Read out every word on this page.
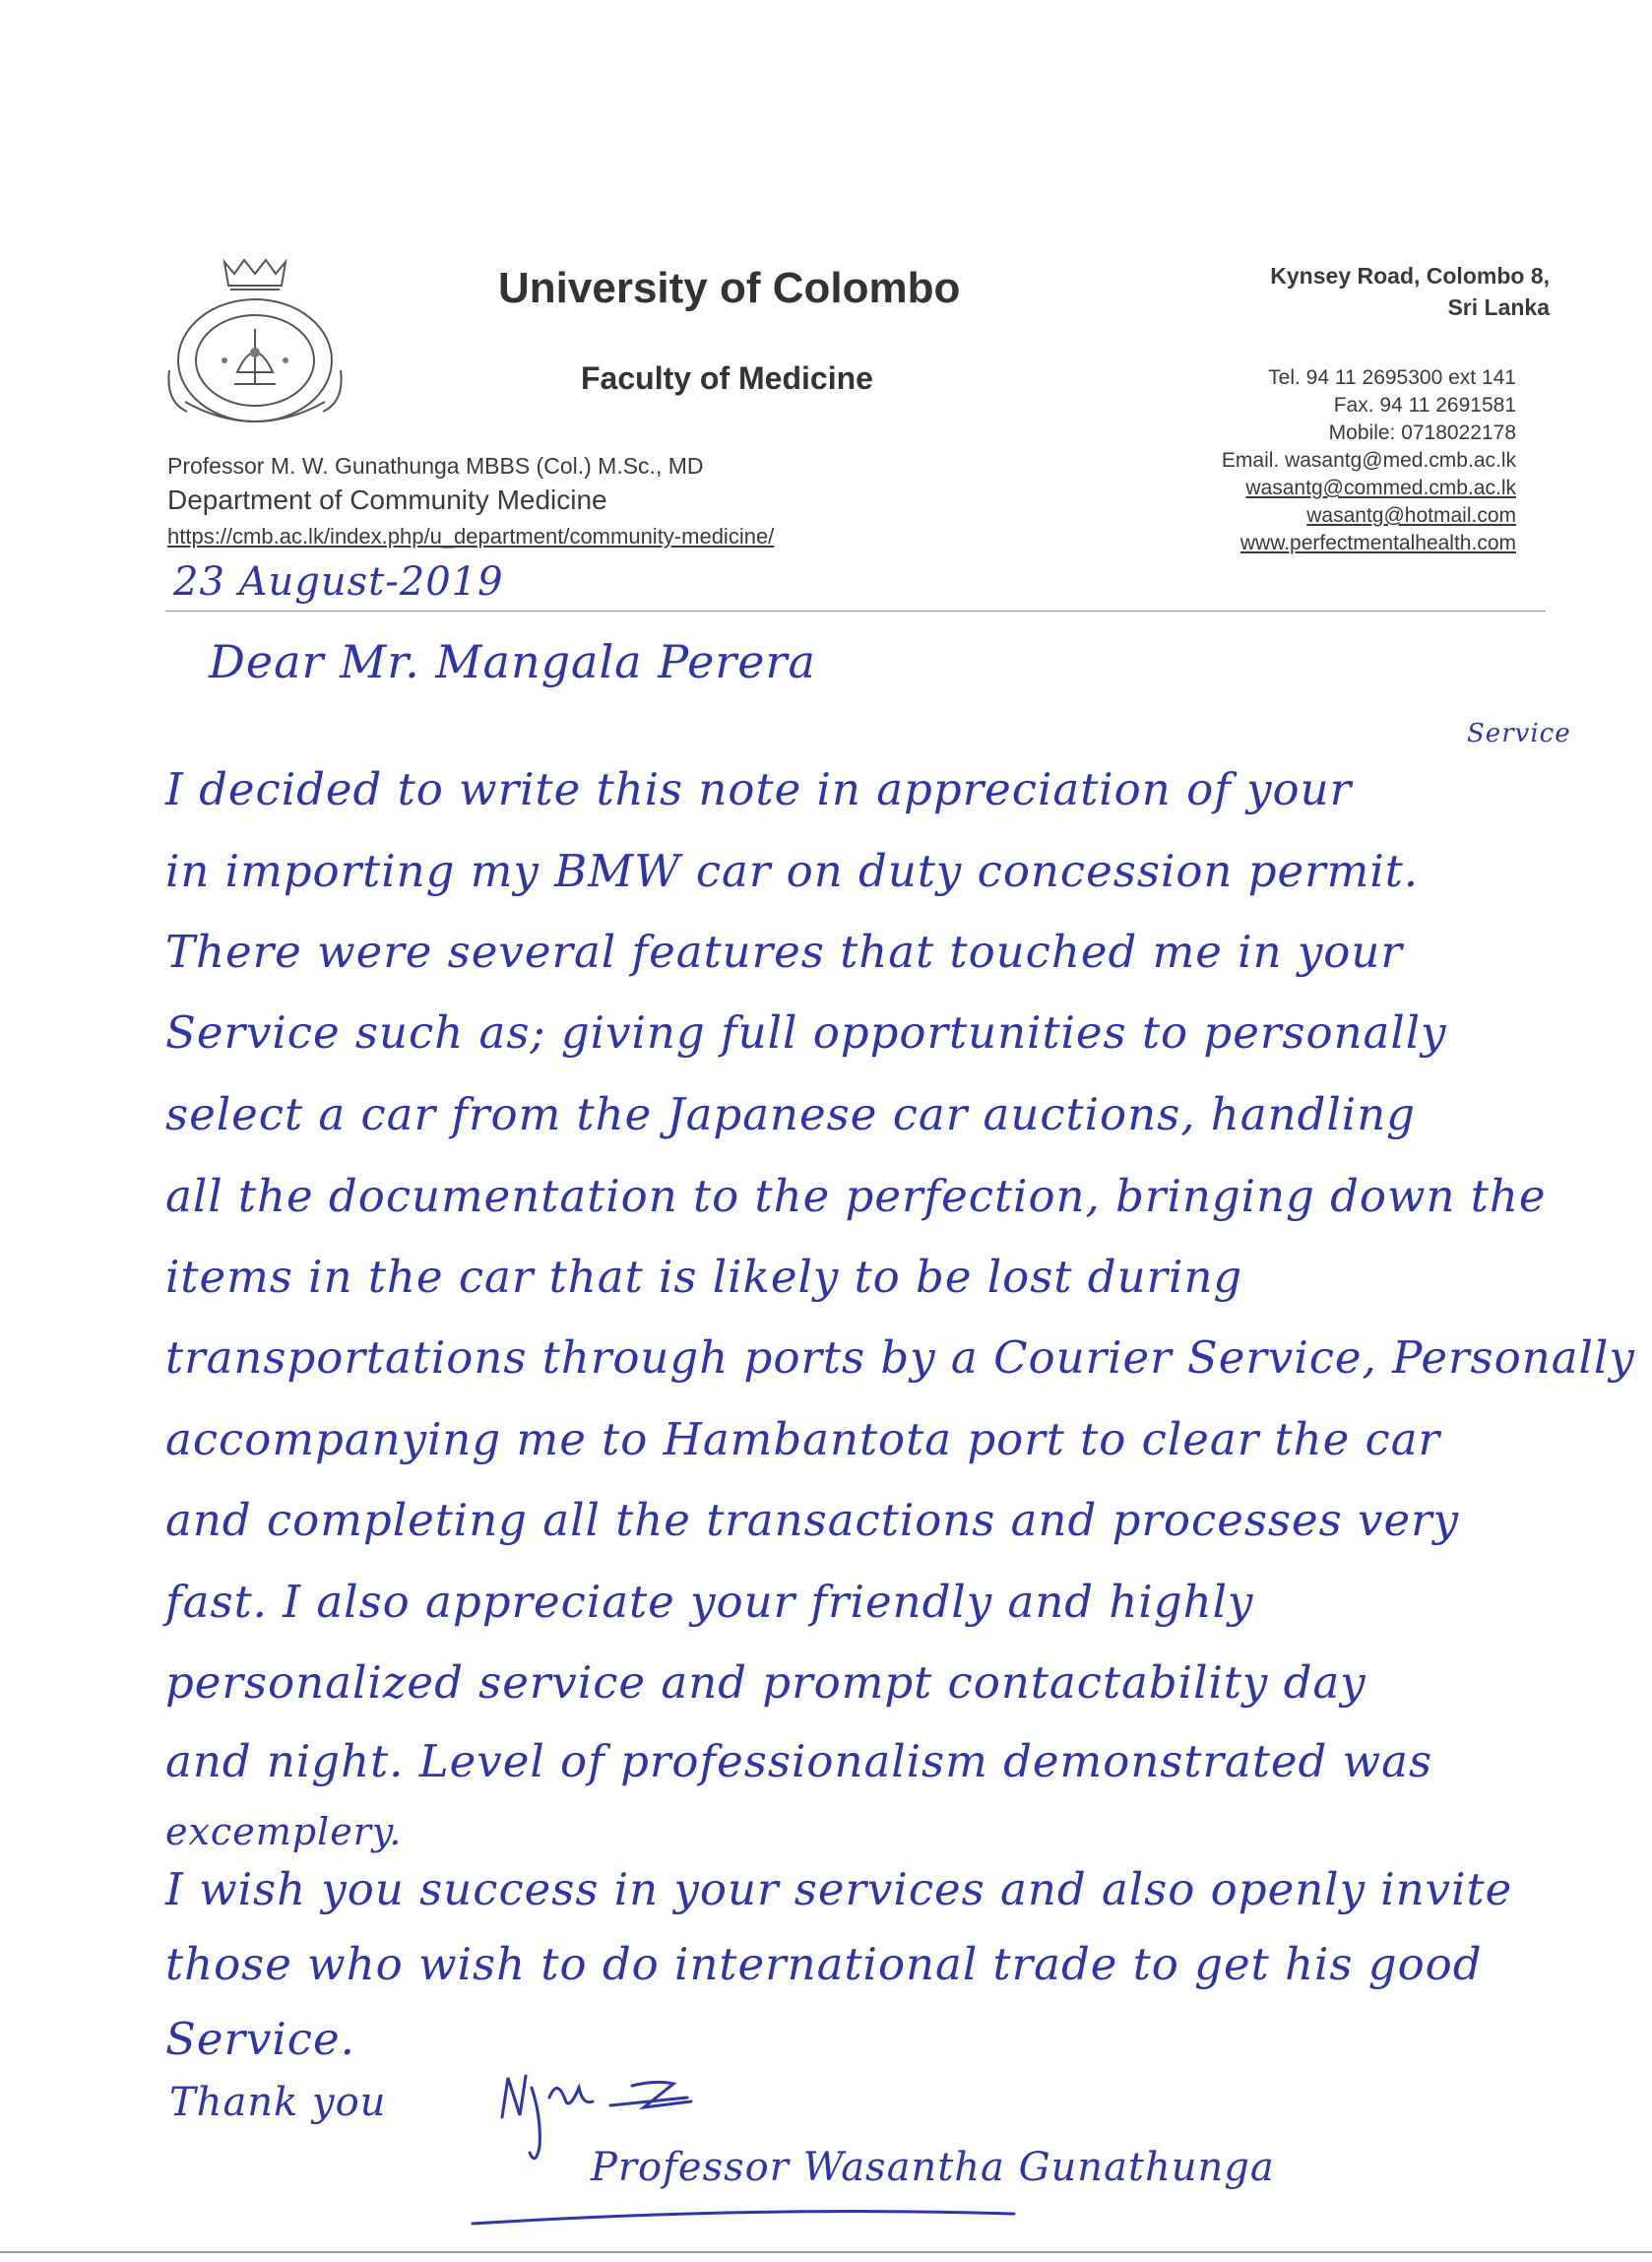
University of Colombo
Faculty of Medicine
Kynsey Road, Colombo 8,
Sri Lanka
Tel. 94 11 2695300 ext 141
Fax. 94 11 2691581
Mobile: 0718022178
Email. wasantg@med.cmb.ac.lk
wasantg@commed.cmb.ac.lk
wasantg@hotmail.com
www.perfectmentalhealth.com
Professor M. W. Gunathunga MBBS (Col.) M.Sc., MD
Department of Community Medicine
https://cmb.ac.lk/index.php/u_department/community-medicine/
23 August-2019
Dear Mr. Mangala Perera
Service
I decided to write this note in appreciation of your
in importing my BMW car on duty concession permit.
There were several features that touched me in your
Service such as; giving full opportunities to personally
select a car from the Japanese car auctions, handling
all the documentation to the perfection, bringing down the
items in the car that is likely to be lost during
transportations through ports by a Courier Service, Personally
accompanying me to Hambantota port to clear the car
and completing all the transactions and processes very
fast. I also appreciate your friendly and highly
personalized service and prompt contactability day
and night. Level of professionalism demonstrated was
excemplery.
I wish you success in your services and also openly invite
those who wish to do international trade to get his good
Service.
Thank you
Professor Wasantha Gunathunga
